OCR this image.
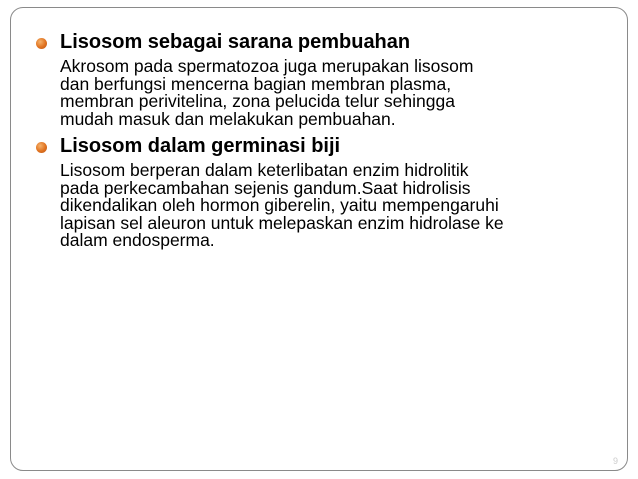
Lisosom sebagai sarana pembuahan
Akrosom pada spermatozoa juga merupakan lisosom
dan berfungsi mencerna bagian membran plasma,
membran perivitelina, zona pelucida telur sehingga
mudah masuk dan melakukan pembuahan.
Lisosom dalam germinasi biji
Lisosom berperan dalam keterlibatan enzim hidrolitik
pada perkecambahan sejenis gandum.Saat hidrolisis
dikendalikan oleh hormon giberelin, yaitu mempengaruhi
lapisan sel aleuron untuk melepaskan enzim hidrolase ke
dalam endosperma.
9
